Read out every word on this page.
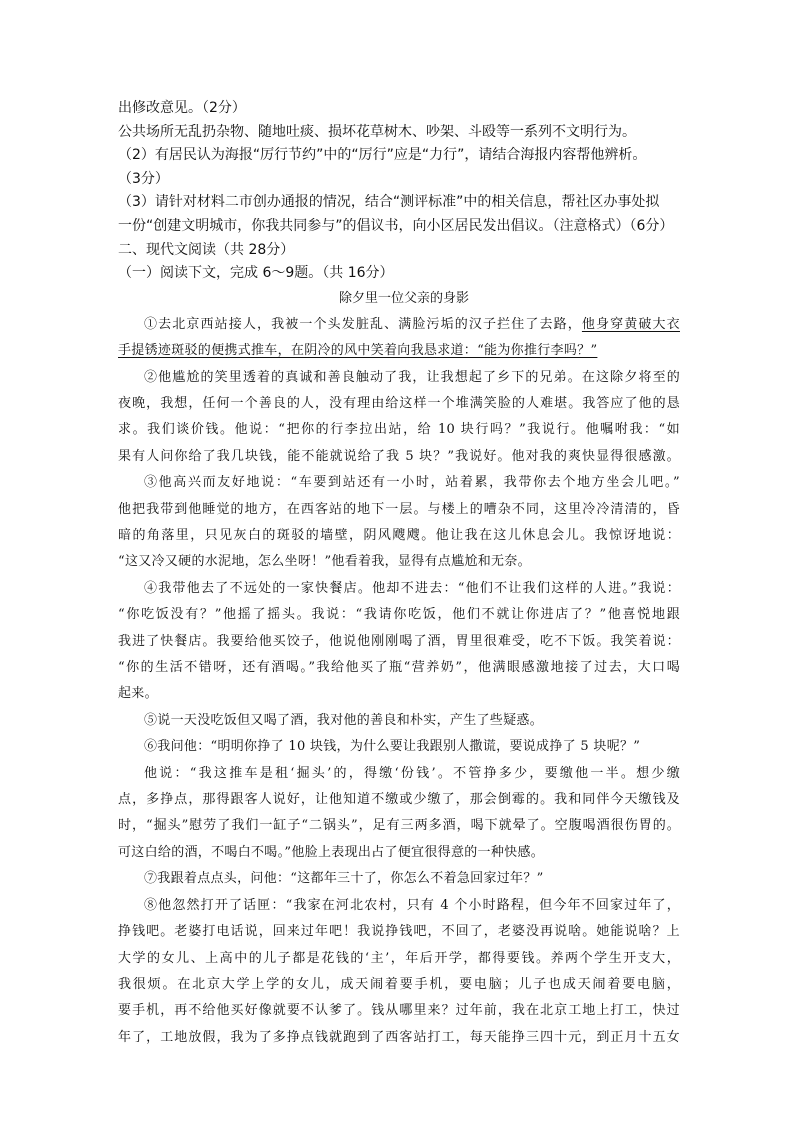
出修改意见。（2分）
公共场所无乱扔杂物、随地吐痰、损坏花草树木、吵架、斗殴等一系列不文明行为。
（2）有居民认为海报“厉行节约”中的“厉行”应是“力行”，请结合海报内容帮他辨析。
（3分）
（3）请针对材料二市创办通报的情况，结合“测评标准”中的相关信息，帮社区办事处拟
一份“创建文明城市，你我共同参与”的倡议书，向小区居民发出倡议。（注意格式）（6分）
二、现代文阅读（共 28分）
（一）阅读下文，完成 6～9题。（共 16分）
除夕里一位父亲的身影
①去北京西站接人，我被一个头发脏乱、满脸污垢的汉子拦住了去路，他身穿黄破大衣
手提锈迹斑驳的便携式推车，在阴冷的风中笑着向我恳求道：“能为你推行李吗？”
②他尴尬的笑里透着的真诚和善良触动了我，让我想起了乡下的兄弟。在这除夕将至的
夜晚，我想，任何一个善良的人，没有理由给这样一个堆满笑脸的人难堪。我答应了他的恳
求。我们谈价钱。他说：“把你的行李拉出站，给 10 块行吗？”我说行。他嘱咐我：“如
果有人问你给了我几块钱，能不能就说给了我 5 块？”我说好。他对我的爽快显得很感激。
③他高兴而友好地说：“车要到站还有一小时，站着累，我带你去个地方坐会儿吧。”
他把我带到他睡觉的地方，在西客站的地下一层。与楼上的嘈杂不同，这里冷冷清清的，昏
暗的角落里，只见灰白的斑驳的墙壁，阴风飕飕。他让我在这儿休息会儿。我惊讶地说：
“这又冷又硬的水泥地，怎么坐呀！”他看着我，显得有点尴尬和无奈。
④我带他去了不远处的一家快餐店。他却不进去：“他们不让我们这样的人进。”我说：
“你吃饭没有？”他摇了摇头。我说：“我请你吃饭，他们不就让你进店了？”他喜悦地跟
我进了快餐店。我要给他买饺子，他说他刚刚喝了酒，胃里很难受，吃不下饭。我笑着说：
“你的生活不错呀，还有酒喝。”我给他买了瓶“营养奶”，他满眼感激地接了过去，大口喝
起来。
⑤说一天没吃饭但又喝了酒，我对他的善良和朴实，产生了些疑惑。
⑥我问他：“明明你挣了 10 块钱，为什么要让我跟别人撒谎，要说成挣了 5 块呢？”
他说：“我这推车是租‘掘头’的，得缴‘份钱’。不管挣多少，要缴他一半。想少缴
点，多挣点，那得跟客人说好，让他知道不缴或少缴了，那会倒霉的。我和同伴今天缴钱及
时，“掘头”慰劳了我们一缸子“二锅头”，足有三两多酒，喝下就晕了。空腹喝酒很伤胃的。
可这白给的酒，不喝白不喝。”他脸上表现出占了便宜很得意的一种快感。
⑦我跟着点点头，问他：“这都年三十了，你怎么不着急回家过年？”
⑧他忽然打开了话匣：“我家在河北农村，只有 4 个小时路程，但今年不回家过年了，
挣钱吧。老婆打电话说，回来过年吧！我说挣钱吧，不回了，老婆没再说啥。她能说啥？上
大学的女儿、上高中的儿子都是花钱的‘主’，年后开学，都得要钱。养两个学生开支大，
我很烦。在北京大学上学的女儿，成天闹着要手机，要电脑；儿子也成天闹着要电脑，
要手机，再不给他买好像就要不认爹了。钱从哪里来？过年前，我在北京工地上打工，快过
年了，工地放假，我为了多挣点钱就跑到了西客站打工，每天能挣三四十元，到正月十五女
